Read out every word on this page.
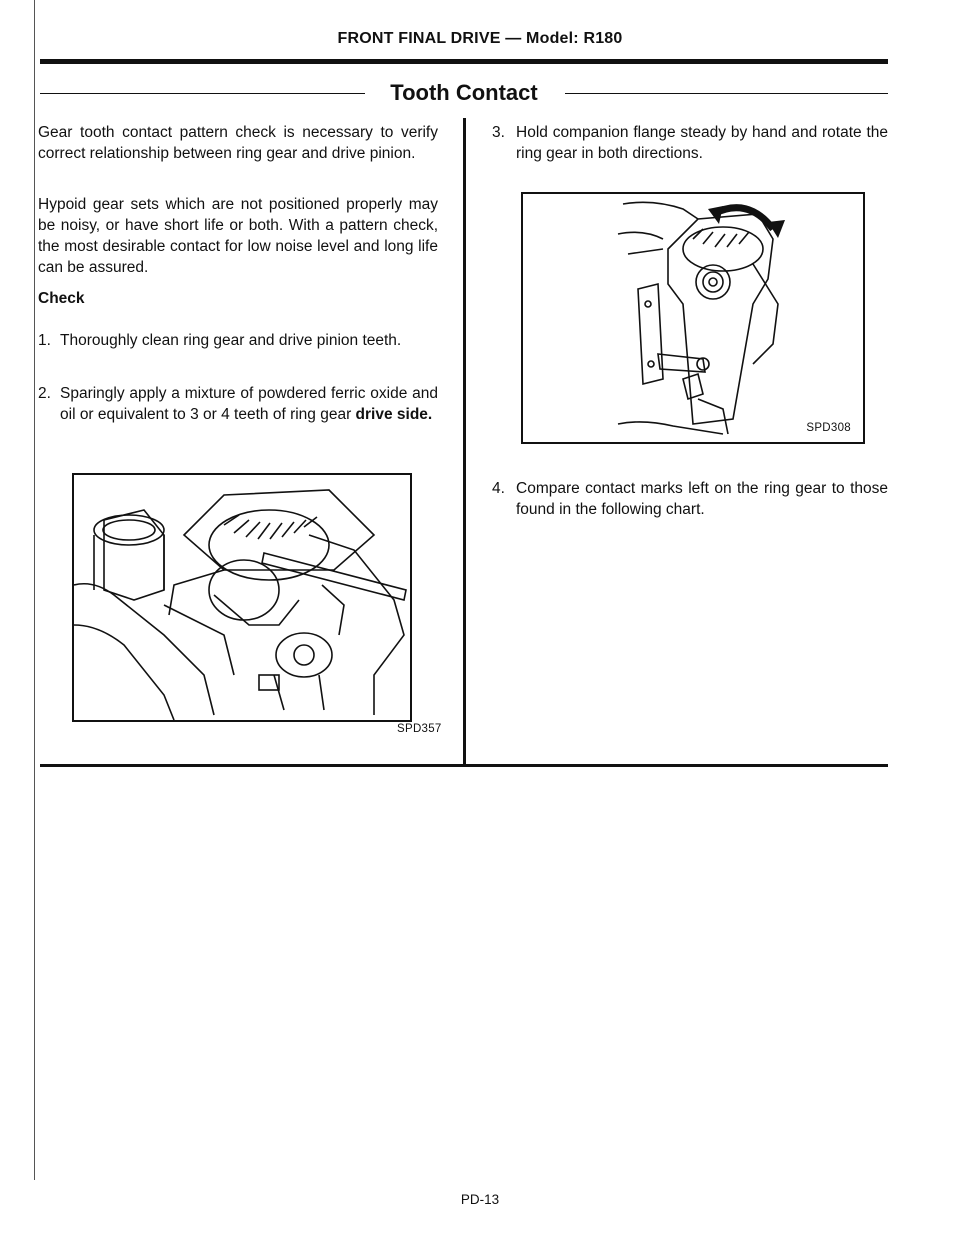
FRONT FINAL DRIVE — Model: R180
Tooth Contact
Gear tooth contact pattern check is necessary to verify correct relationship between ring gear and drive pinion.
Hypoid gear sets which are not positioned properly may be noisy, or have short life or both. With a pattern check, the most desirable contact for low noise level and long life can be assured.
Check
1. Thoroughly clean ring gear and drive pinion teeth.
2. Sparingly apply a mixture of powdered ferric oxide and oil or equivalent to 3 or 4 teeth of ring gear drive side.
SPD357
3. Hold companion flange steady by hand and rotate the ring gear in both directions.
SPD308
4. Compare contact marks left on the ring gear to those found in the following chart.
PD-13
